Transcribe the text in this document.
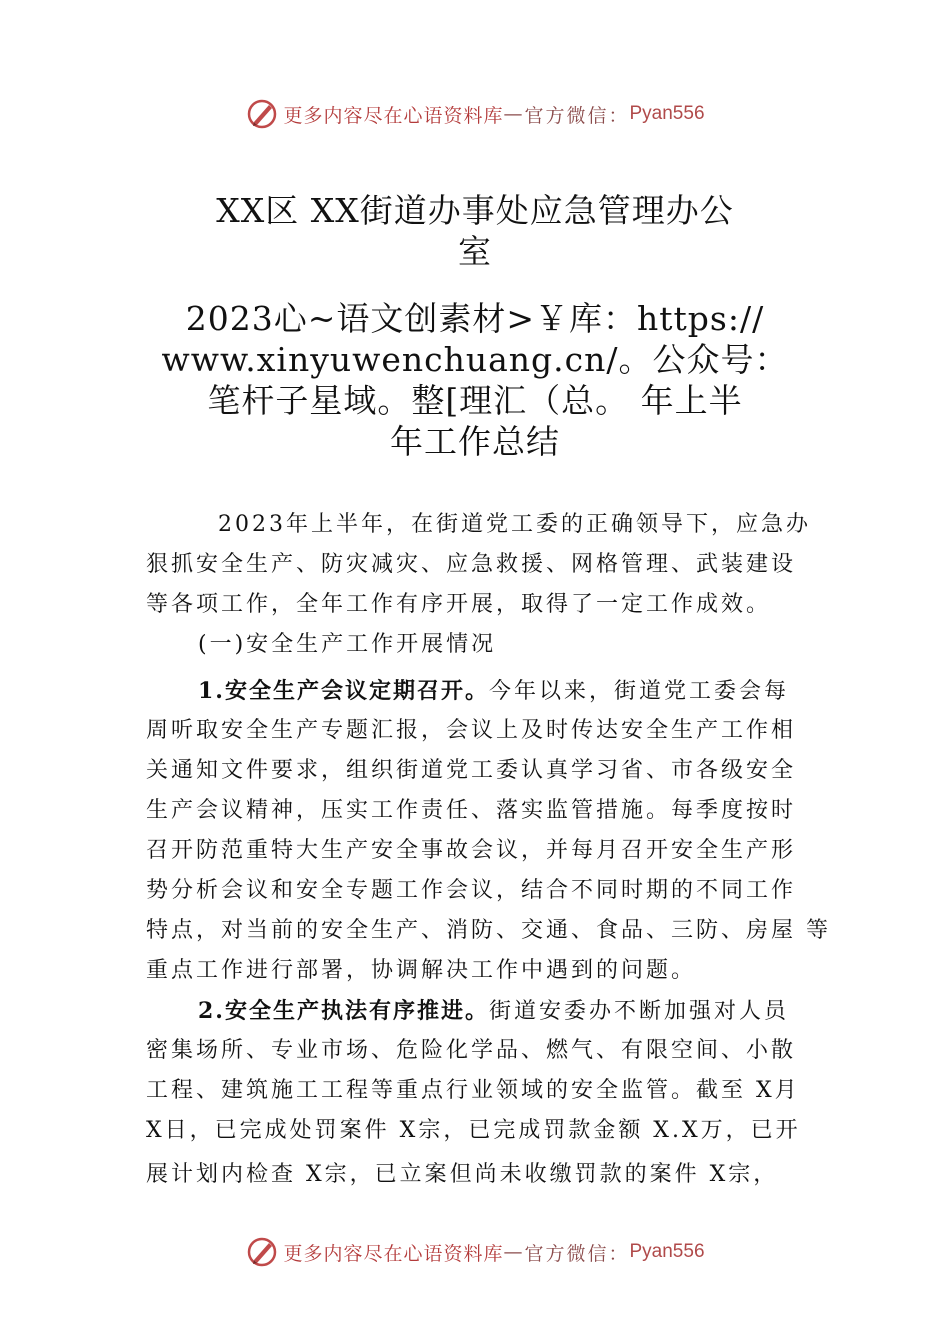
更多内容尽在心语资料库 — 官方微信： Pyan556
XX区 XX街道办事处应急管理办公
室
2023心~语文创素材>￥库：https://
www.xinyuwenchuang.cn/。公众号：
笔杆子星域。整[理汇（总。 年上半
年工作总结
2023年上半年，在街道党工委的正确领导下，应急办
狠抓安全生产、防灾减灾、应急救援、网格管理、武装建设
等各项工作，全年工作有序开展，取得了一定工作成效。
(一)安全生产工作开展情况
1.安全生产会议定期召开。今年以来，街道党工委会每
周听取安全生产专题汇报，会议上及时传达安全生产工作相
关通知文件要求，组织街道党工委认真学习省、市各级安全
生产会议精神，压实工作责任、落实监管措施。每季度按时
召开防范重特大生产安全事故会议，并每月召开安全生产形
势分析会议和安全专题工作会议，结合不同时期的不同工作
特点，对当前的安全生产、消防、交通、食品、三防、房屋 等
重点工作进行部署，协调解决工作中遇到的问题。
2.安全生产执法有序推进。街道安委办不断加强对人员
密集场所、专业市场、危险化学品、燃气、有限空间、小散
工程、建筑施工工程等重点行业领域的安全监管。截至 X月
X日，已完成处罚案件 X宗，已完成罚款金额 X.X万，已开
展计划内检查 X宗，已立案但尚未收缴罚款的案件 X宗，
更多内容尽在心语资料库 — 官方微信： Pyan556
